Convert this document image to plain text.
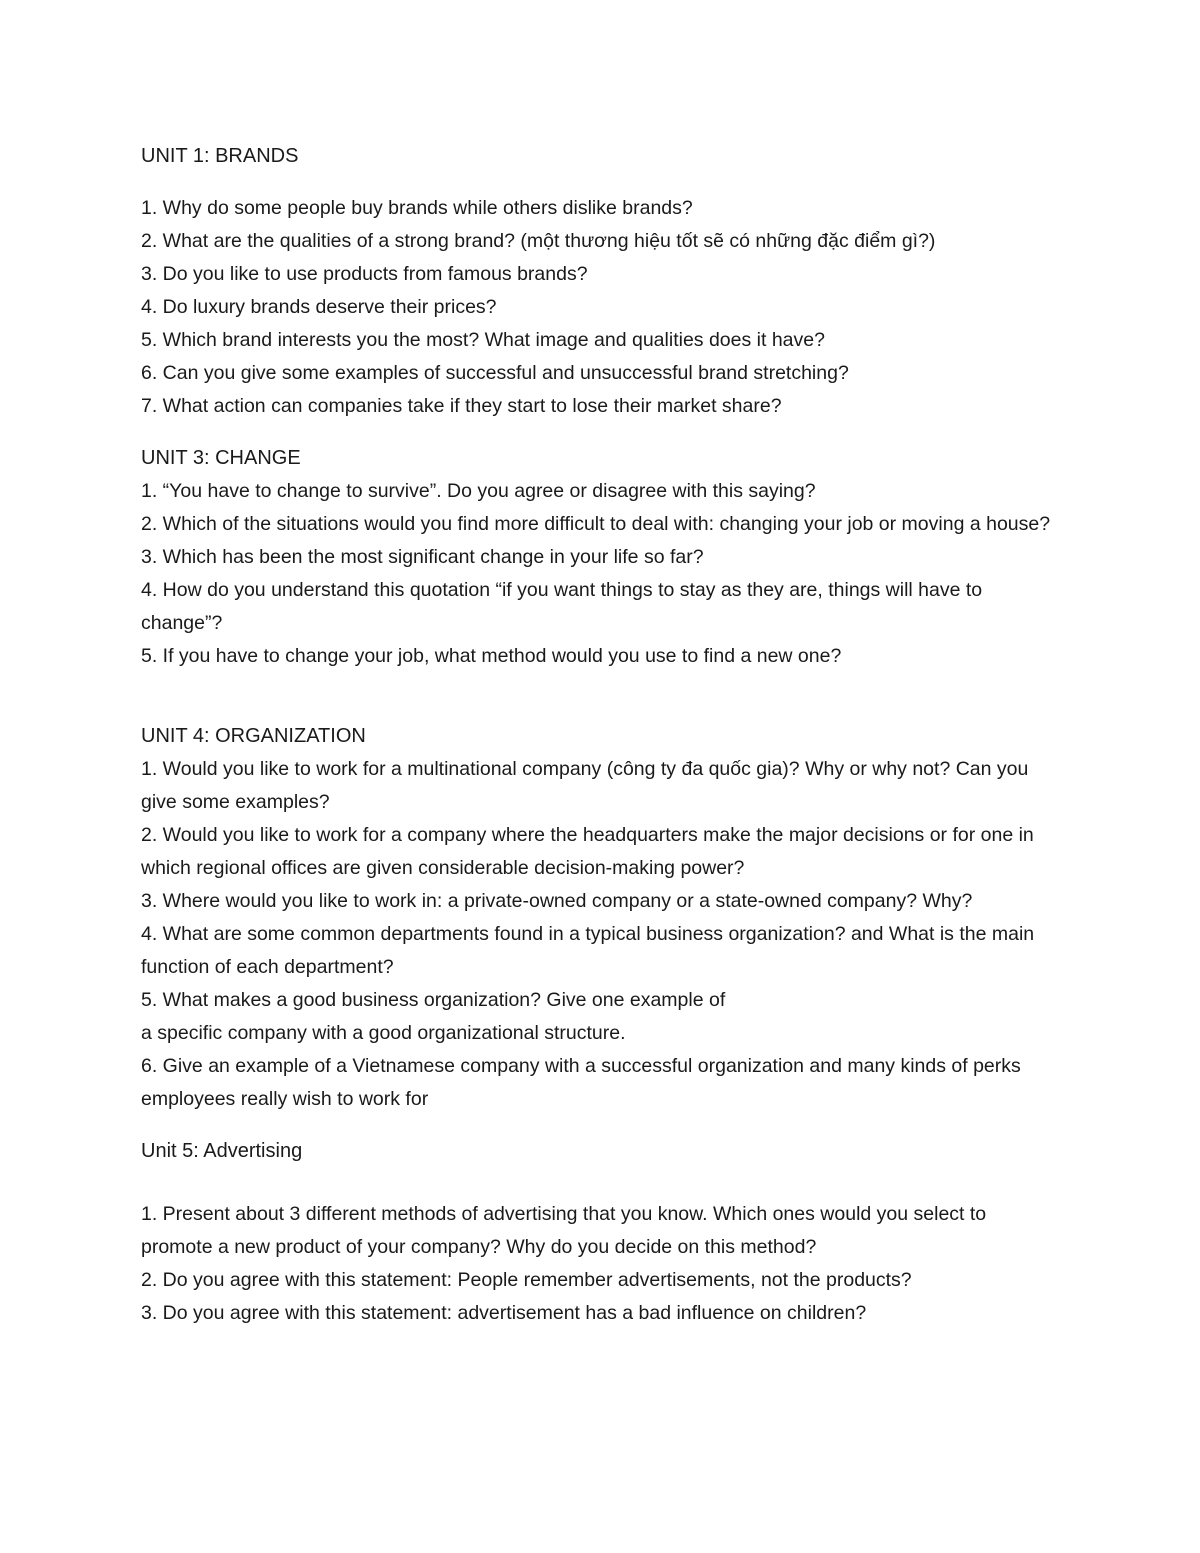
UNIT 1: BRANDS
1. Why do some people buy brands while others dislike brands?
2. What are the qualities of a strong brand? (một thương hiệu tốt sẽ có những đặc điểm gì?)
3. Do you like to use products from famous brands?
4. Do luxury brands deserve their prices?
5. Which brand interests you the most? What image and qualities does it have?
6. Can you give some examples of successful and unsuccessful brand stretching?
7. What action can companies take if they start to lose their market share?
UNIT 3: CHANGE
1. “You have to change to survive”. Do you agree or disagree with this saying?
2. Which of the situations would you find more difficult to deal with: changing your job or moving a house?
3. Which has been the most significant change in your life so far?
4. How do you understand this quotation “if you want things to stay as they are, things will have to change”?
5. If you have to change your job, what method would you use to find a new one?
UNIT 4: ORGANIZATION
1. Would you like to work for a multinational company (công ty đa quốc gia)? Why or why not? Can you give some examples?
2. Would you like to work for a company where the headquarters make the major decisions or for one in which regional offices are given considerable decision-making power?
3. Where would you like to work in: a private-owned company or a state-owned company? Why?
4. What are some common departments found in a typical business organization? and What is the main function of each department?
5. What makes a good business organization? Give one example of
a specific company with a good organizational structure.
6. Give an example of a Vietnamese company with a successful organization and many kinds of perks employees really wish to work for
Unit 5: Advertising
1. Present about 3 different methods of advertising that you know. Which ones would you select to promote a new product of your company? Why do you decide on this method?
2. Do you agree with this statement: People remember advertisements, not the products?
3. Do you agree with this statement: advertisement has a bad influence on children?
